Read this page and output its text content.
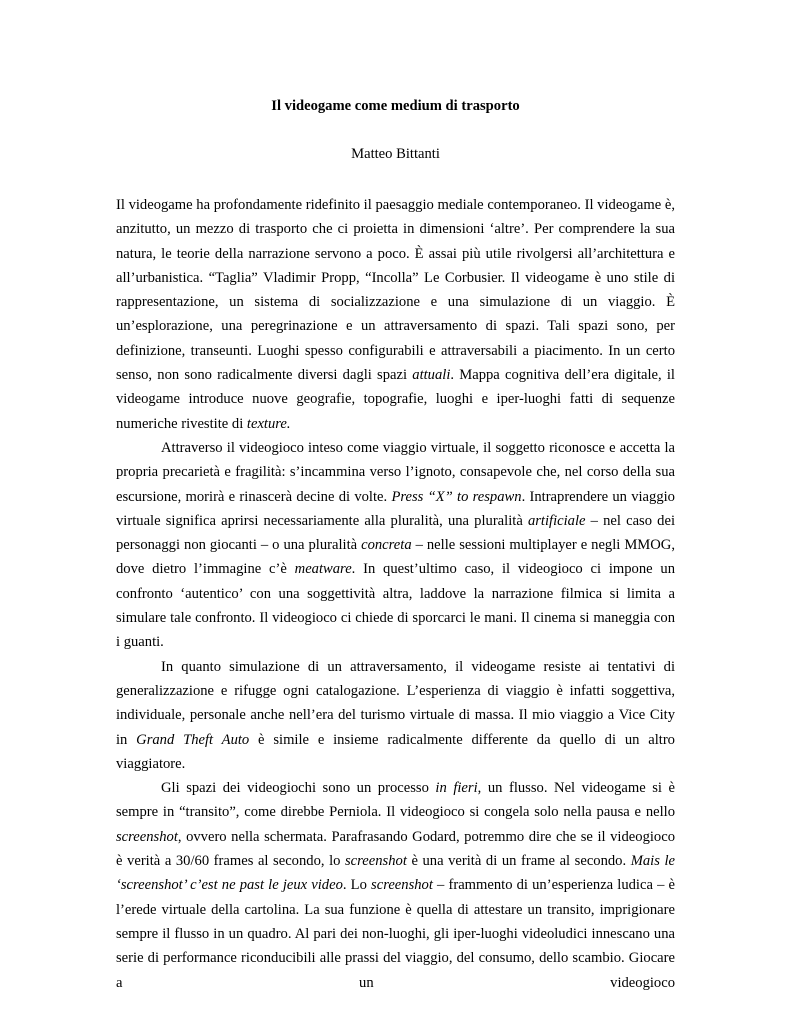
Il videogame come medium di trasporto
Matteo Bittanti

Il videogame ha profondamente ridefinito il paesaggio mediale contemporaneo. Il videogame è, anzitutto, un mezzo di trasporto che ci proietta in dimensioni ‘altre’. Per comprendere la sua natura, le teorie della narrazione servono a poco. È assai più utile rivolgersi all’architettura e all’urbanistica. “Taglia” Vladimir Propp, “Incolla” Le Corbusier. Il videogame è uno stile di rappresentazione, un sistema di socializzazione e una simulazione di un viaggio. È un’esplorazione, una peregrinazione e un attraversamento di spazi. Tali spazi sono, per definizione, transeunti. Luoghi spesso configurabili e attraversabili a piacimento. In un certo senso, non sono radicalmente diversi dagli spazi attuali. Mappa cognitiva dell’era digitale, il videogame introduce nuove geografie, topografie, luoghi e iper-luoghi fatti di sequenze numeriche rivestite di texture.

Attraverso il videogioco inteso come viaggio virtuale, il soggetto riconosce e accetta la propria precarietà e fragilità: s’incammina verso l’ignoto, consapevole che, nel corso della sua escursione, morirà e rinascerà decine di volte. Press “X” to respawn. Intraprendere un viaggio virtuale significa aprirsi necessariamente alla pluralità, una pluralità artificiale – nel caso dei personaggi non giocanti – o una pluralità concreta – nelle sessioni multiplayer e negli MMOG, dove dietro l’immagine c’è meatware. In quest’ultimo caso, il videogioco ci impone un confronto ‘autentico’ con una soggettività altra, laddove la narrazione filmica si limita a simulare tale confronto. Il videogioco ci chiede di sporcarci le mani. Il cinema si maneggia con i guanti.

In quanto simulazione di un attraversamento, il videogame resiste ai tentativi di generalizzazione e rifugge ogni catalogazione. L’esperienza di viaggio è infatti soggettiva, individuale, personale anche nell’era del turismo virtuale di massa. Il mio viaggio a Vice City in Grand Theft Auto è simile e insieme radicalmente differente da quello di un altro viaggiatore.

Gli spazi dei videogiochi sono un processo in fieri, un flusso. Nel videogame si è sempre in “transito”, come direbbe Perniola. Il videogioco si congela solo nella pausa e nello screenshot, ovvero nella schermata. Parafrasando Godard, potremmo dire che se il videogioco è verità a 30/60 frames al secondo, lo screenshot è una verità di un frame al secondo. Mais le ‘screenshot’ c’est ne past le jeux video. Lo screenshot – frammento di un’esperienza ludica – è l’erede virtuale della cartolina. La sua funzione è quella di attestare un transito, imprigionare sempre il flusso in un quadro. Al pari dei non-luoghi, gli iper-luoghi videoludici innescano una serie di performance riconducibili alle prassi del viaggio, del consumo, dello scambio. Giocare a un videogioco
